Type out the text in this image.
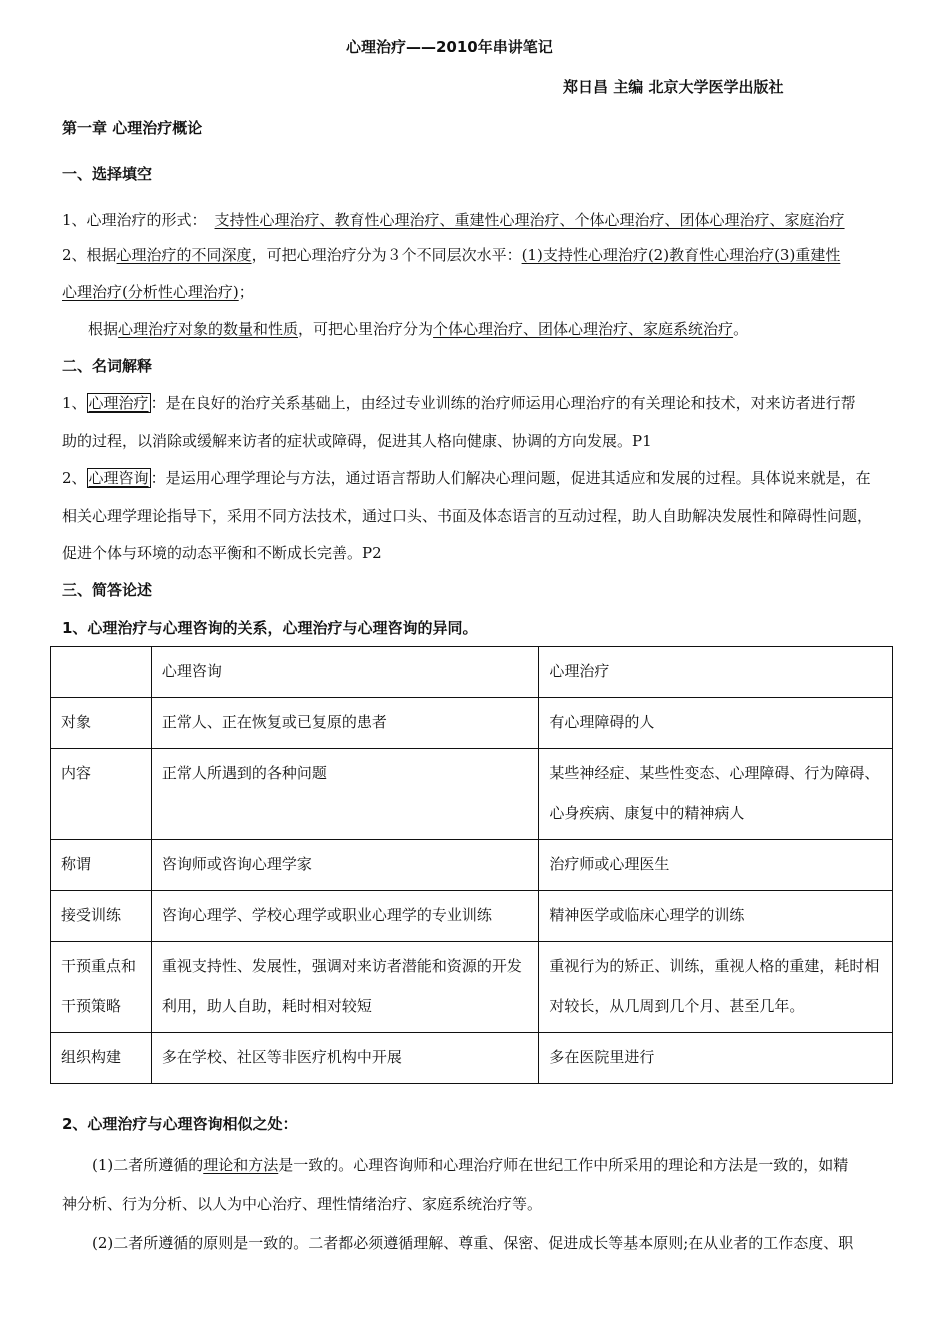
心理治疗——2010年串讲笔记
郑日昌 主编 北京大学医学出版社
第一章 心理治疗概论
一、选择填空
1、心理治疗的形式： 支持性心理治疗、教育性心理治疗、重建性心理治疗、个体心理治疗、团体心理治疗、家庭治疗
2、根据心理治疗的不同深度，可把心理治疗分为３个不同层次水平：(1)支持性心理治疗(2)教育性心理治疗(3)重建性
心理治疗(分析性心理治疗)；
根据心理治疗对象的数量和性质，可把心里治疗分为个体心理治疗、团体心理治疗、家庭系统治疗。
二、名词解释
1、 心理治疗 ：是在良好的治疗关系基础上，由经过专业训练的治疗师运用心理治疗的有关理论和技术，对来访者进行帮
助的过程，以消除或缓解来访者的症状或障碍，促进其人格向健康、协调的方向发展。P1
2、 心理咨询 ：是运用心理学理论与方法，通过语言帮助人们解决心理问题，促进其适应和发展的过程。具体说来就是，在
相关心理学理论指导下，采用不同方法技术，通过口头、书面及体态语言的互动过程，助人自助解决发展性和障碍性问题，
促进个体与环境的动态平衡和不断成长完善。P2
三、简答论述
1、心理治疗与心理咨询的关系，心理治疗与心理咨询的异同。
	心理咨询	心理治疗
对象	正常人、正在恢复或已复原的患者	有心理障碍的人
内容	正常人所遇到的各种问题	某些神经症、某些性变态、心理障碍、行为障碍、心身疾病、康复中的精神病人
称谓	咨询师或咨询心理学家	治疗师或心理医生
接受训练	咨询心理学、学校心理学或职业心理学的专业训练	精神医学或临床心理学的训练
干预重点和干预策略	重视支持性、发展性，强调对来访者潜能和资源的开发利用，助人自助，耗时相对较短	重视行为的矫正、训练，重视人格的重建，耗时相对较长，从几周到几个月、甚至几年。
组织构建	多在学校、社区等非医疗机构中开展	多在医院里进行
2、心理治疗与心理咨询相似之处：
(1)二者所遵循的理论和方法是一致的。心理咨询师和心理治疗师在世纪工作中所采用的理论和方法是一致的，如精
神分析、行为分析、以人为中心治疗、理性情绪治疗、家庭系统治疗等。
(2)二者所遵循的原则是一致的。二者都必须遵循理解、尊重、保密、促进成长等基本原则;在从业者的工作态度、职
